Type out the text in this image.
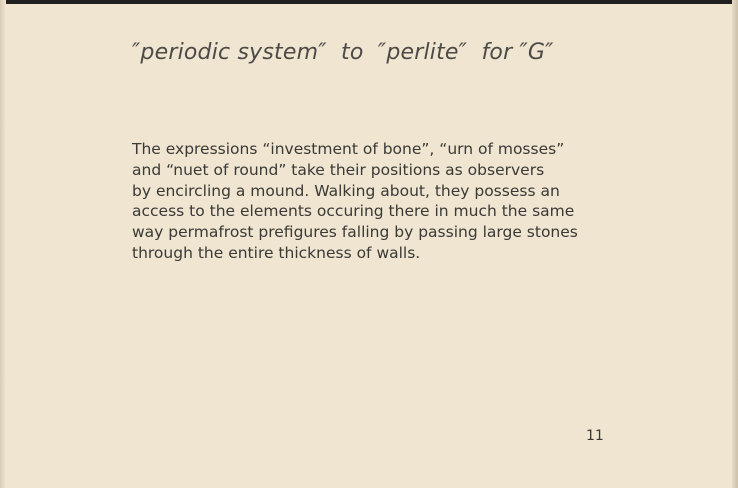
″periodic system″  to  ″perlite″  for ″G″
The expressions “investment of bone”, “urn of mosses”
and “nuet of round” take their positions as observers
by encircling a mound. Walking about, they possess an
access to the elements occuring there in much the same
way permafrost prefigures falling by passing large stones
through the entire thickness of walls.
11
